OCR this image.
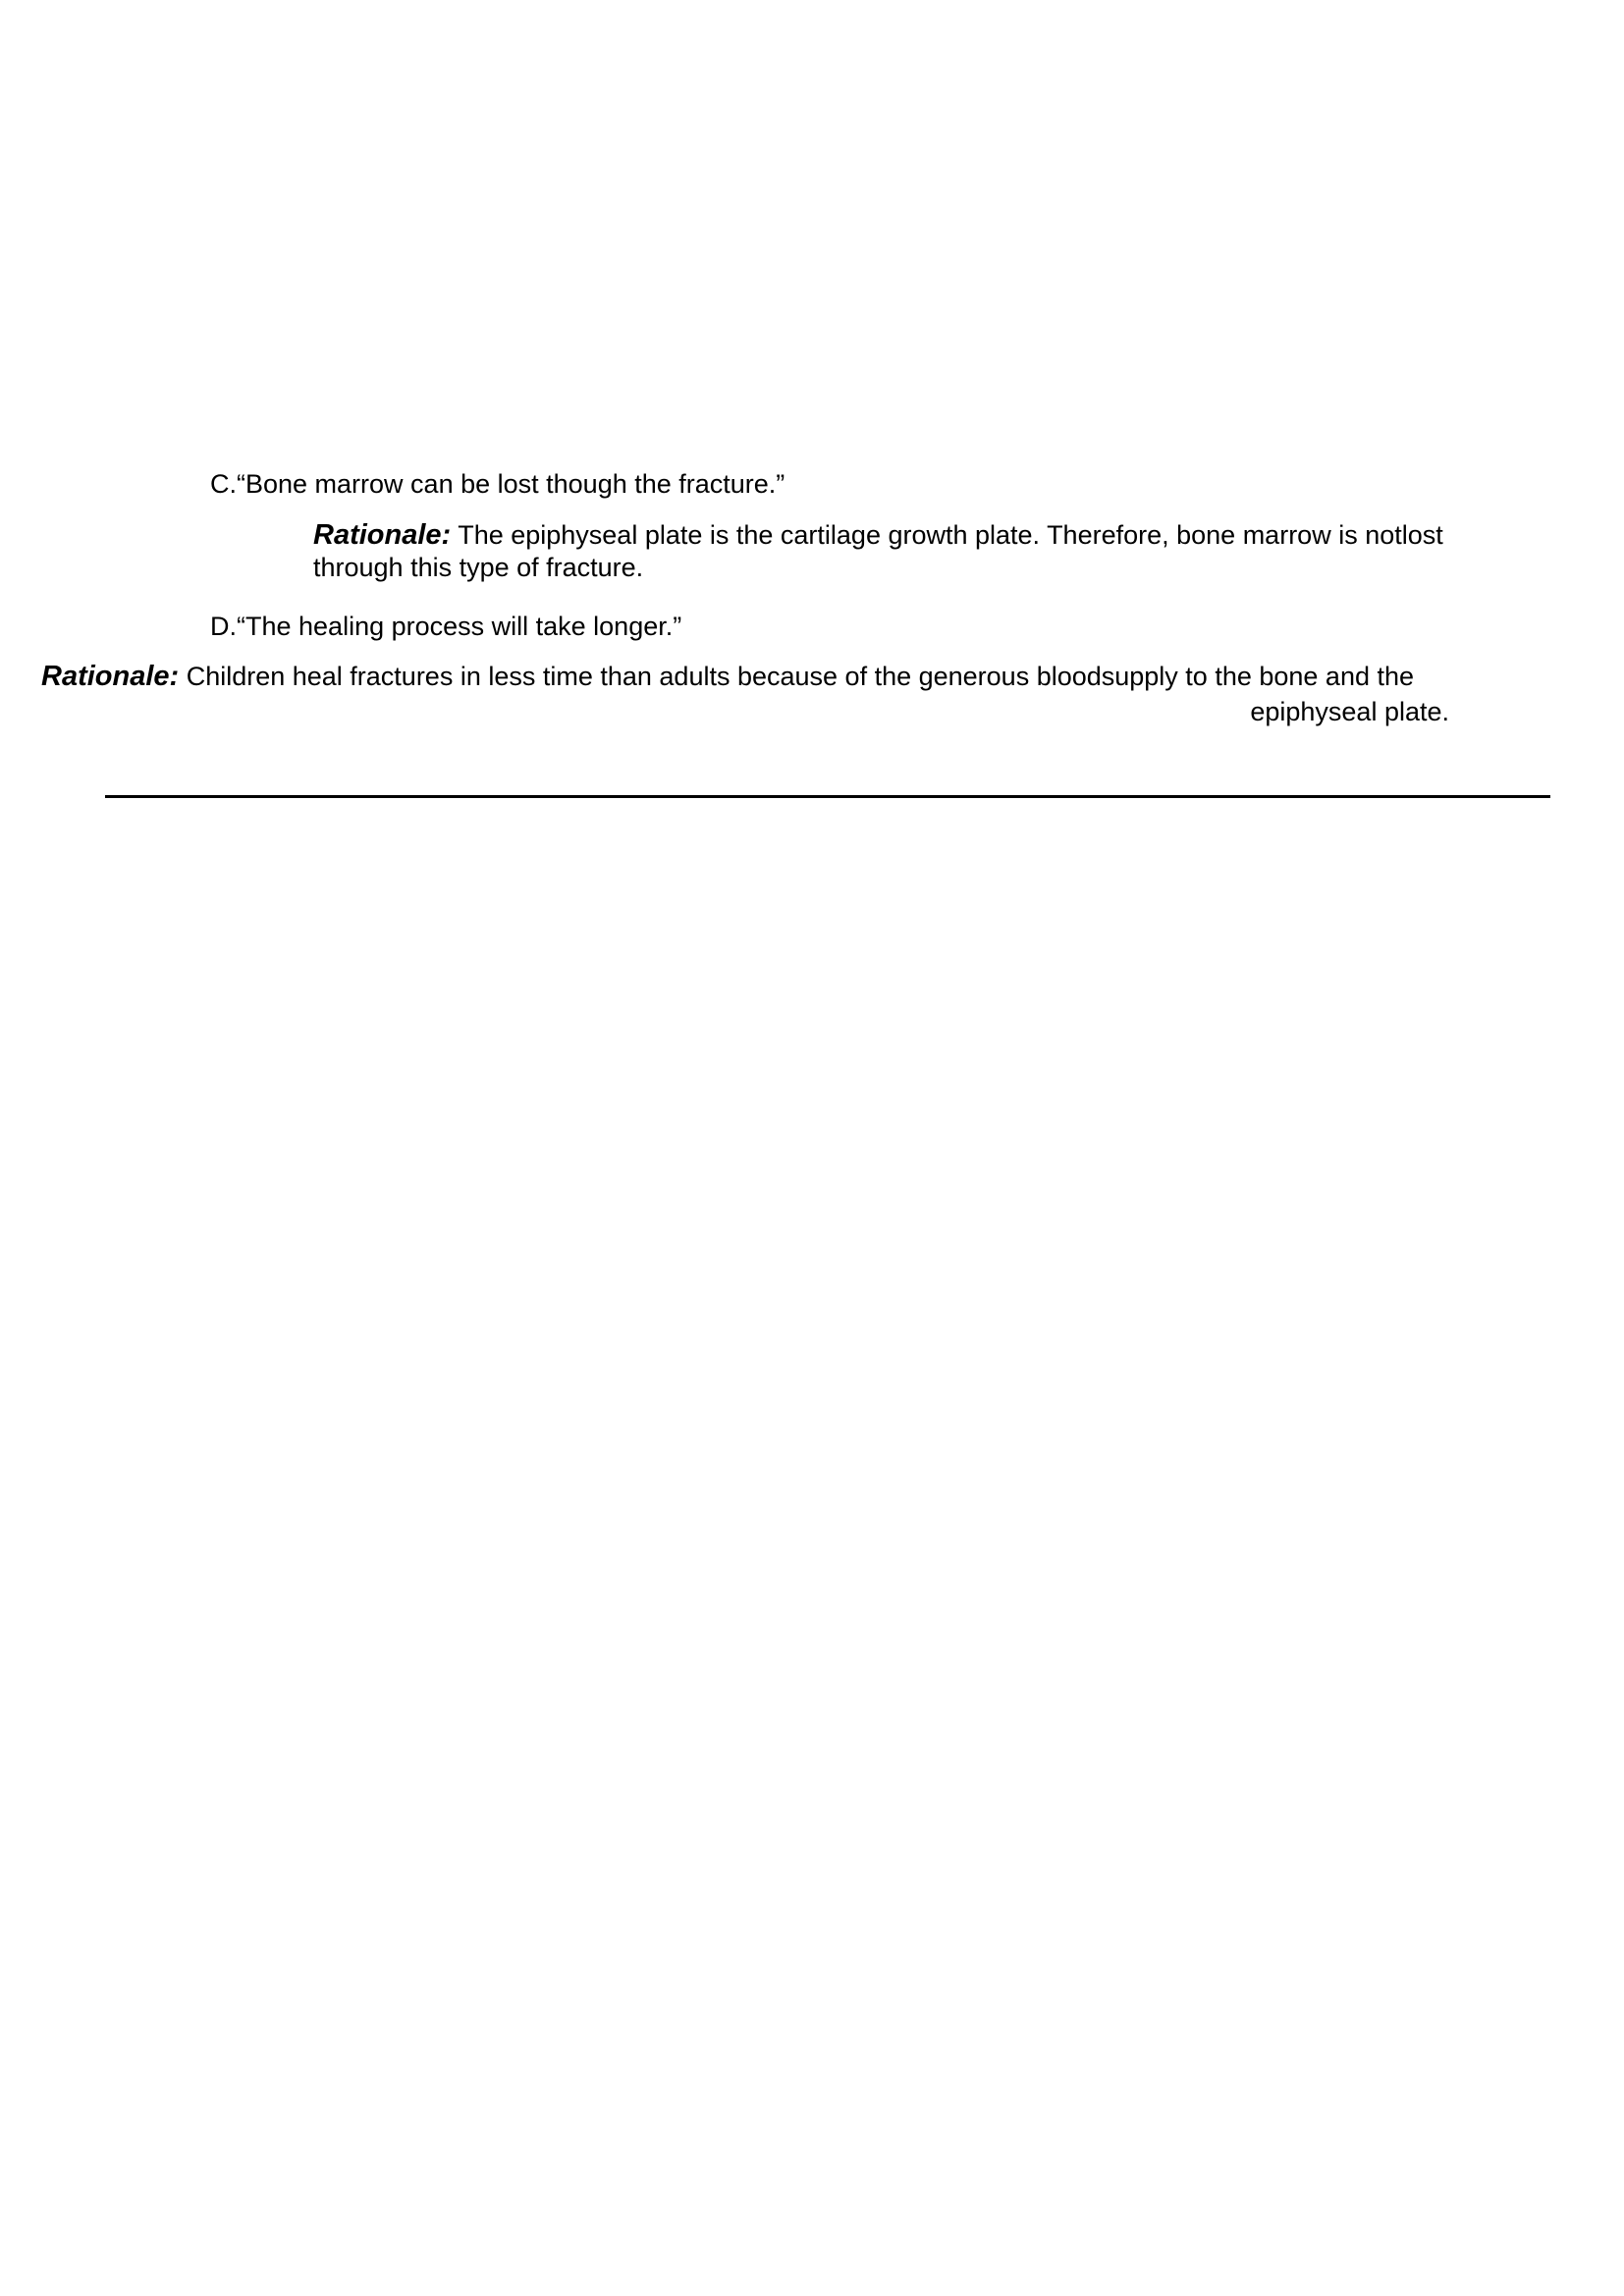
C.“Bone marrow can be lost though the fracture.”
Rationale: The epiphyseal plate is the cartilage growth plate. Therefore, bone marrow is notlost
through this type of fracture.
D.“The healing process will take longer.”
Rationale: Children heal fractures in less time than adults because of the generous bloodsupply to the bone and the
epiphyseal plate.
